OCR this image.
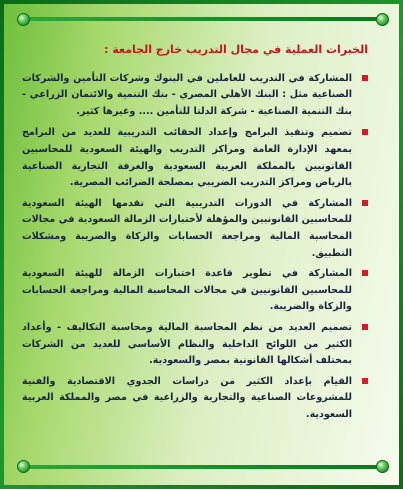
الخبرات العملية في مجال التدريب خارج الجامعة :
المشاركة في التدريب للعاملين في البنوك وشركات التأمين والشركات الصناعية مثل : البنك الأهلي المصري - بنك التنمية والائتمان الزراعي - بنك التنمية الصناعية - شركة الدلتا للتأمين .... وغيرها كثير.
تصميم وتنفيذ البرامج وإعداد الحقائب التدريبية للعديد من البرامج بمعهد الإدارة العامة ومراكز التدريب والهيئة السعودية للمحاسبين القانونيين بالمملكة العربية السعودية والغرفة التجارية الصناعية بالرياض ومراكز التدريب الضريبي بمصلحة الضرائب المصرية.
المشاركة في الدورات التدريبية التي تقدمها الهيئة السعودية للمحاسبين القانونيين والمؤهلة لأختبارات الزمالة السعودية في مجالات المحاسبة المالية ومراجعة الحسابات والزكاة والضريبة ومشكلات التطبيق.
المشاركة في تطوير قاعدة اختبارات الزمالة للهيئة السعودية للمحاسبين القانونيين في مجالات المحاسبة المالية ومراجعة الحسابات والزكاة والضريبة.
تصميم العديد من نظم المحاسبة المالية ومحاسبة التكاليف - وأعداد الكثير من اللوائح الداخلية والنظام الأساسي للعديد من الشركات بمختلف أشكالها القانونية بمصر والسعودية.
القيام بإعداد الكثير من دراسات الجدوي الاقتصادية والفنية للمشروعات الصناعية والتجارية والزراعية في مصر والمملكة العربية السعودية.
